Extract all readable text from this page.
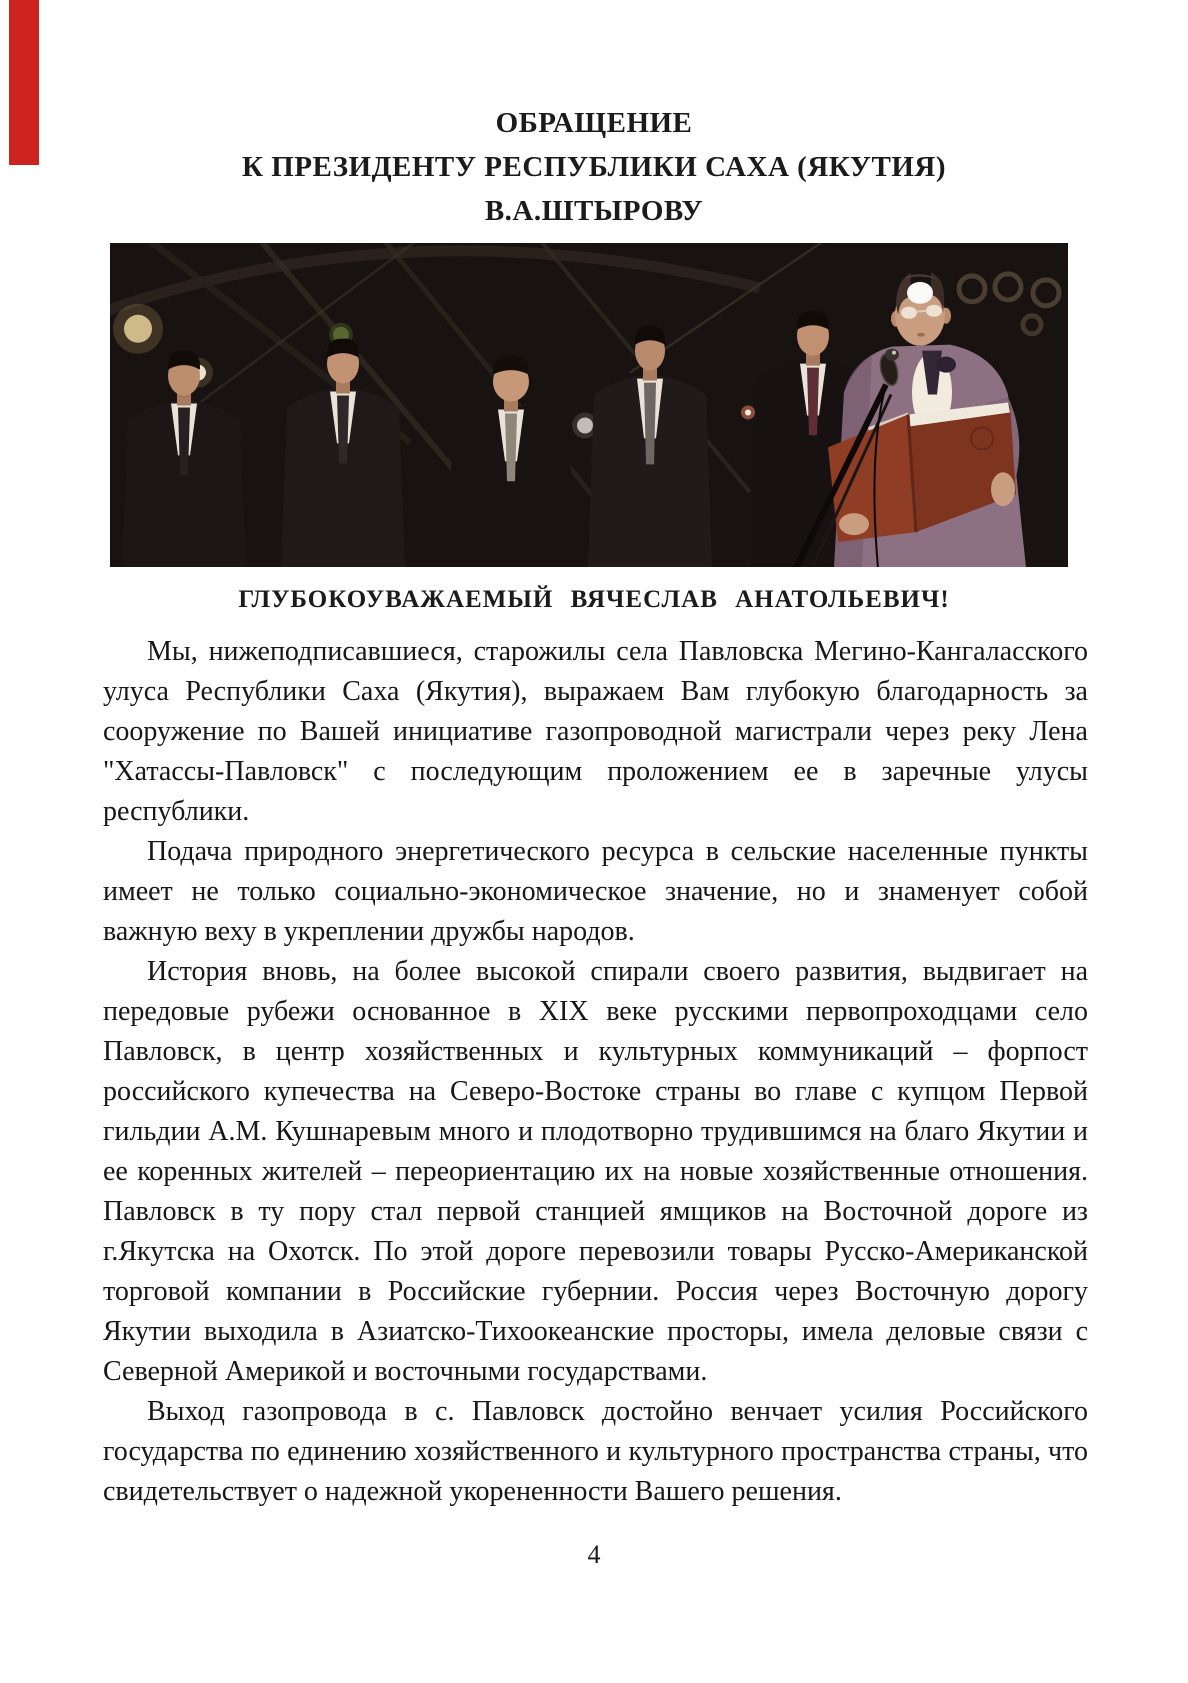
ОБРАЩЕНИЕ
К ПРЕЗИДЕНТУ РЕСПУБЛИКИ САХА (ЯКУТИЯ)
В.А.ШТЫРОВУ
ГЛУБОКОУВАЖАЕМЫЙ ВЯЧЕСЛАВ АНАТОЛЬЕВИЧ!

Мы, нижеподписавшиеся, старожилы села Павловска Мегино-Кангаласского улуса Республики Саха (Якутия), выражаем Вам глубокую благодарность за сооружение по Вашей инициативе газопроводной магистрали через реку Лена "Хатассы-Павловск" с последующим проложением ее в заречные улусы республики.

Подача природного энергетического ресурса в сельские населенные пункты имеет не только социально-экономическое значение, но и знаменует собой важную веху в укреплении дружбы народов.

История вновь, на более высокой спирали своего развития, выдвигает на передовые рубежи основанное в XIX веке русскими первопроходцами село Павловск, в центр хозяйственных и культурных коммуникаций – форпост российского купечества на Северо-Востоке страны во главе с купцом Первой гильдии А.М. Кушнаревым много и плодотворно трудившимся на благо Якутии и ее коренных жителей – переориентацию их на новые хозяйственные отношения. Павловск в ту пору стал первой станцией ямщиков на Восточной дороге из г.Якутска на Охотск. По этой дороге перевозили товары Русско-Американской торговой компании в Российские губернии. Россия через Восточную дорогу Якутии выходила в Азиатско-Тихоокеанские просторы, имела деловые связи с Северной Америкой и восточными государствами.

Выход газопровода в с. Павловск достойно венчает усилия Российского государства по единению хозяйственного и культурного пространства страны, что свидетельствует о надежной укорененности Вашего решения.

4
